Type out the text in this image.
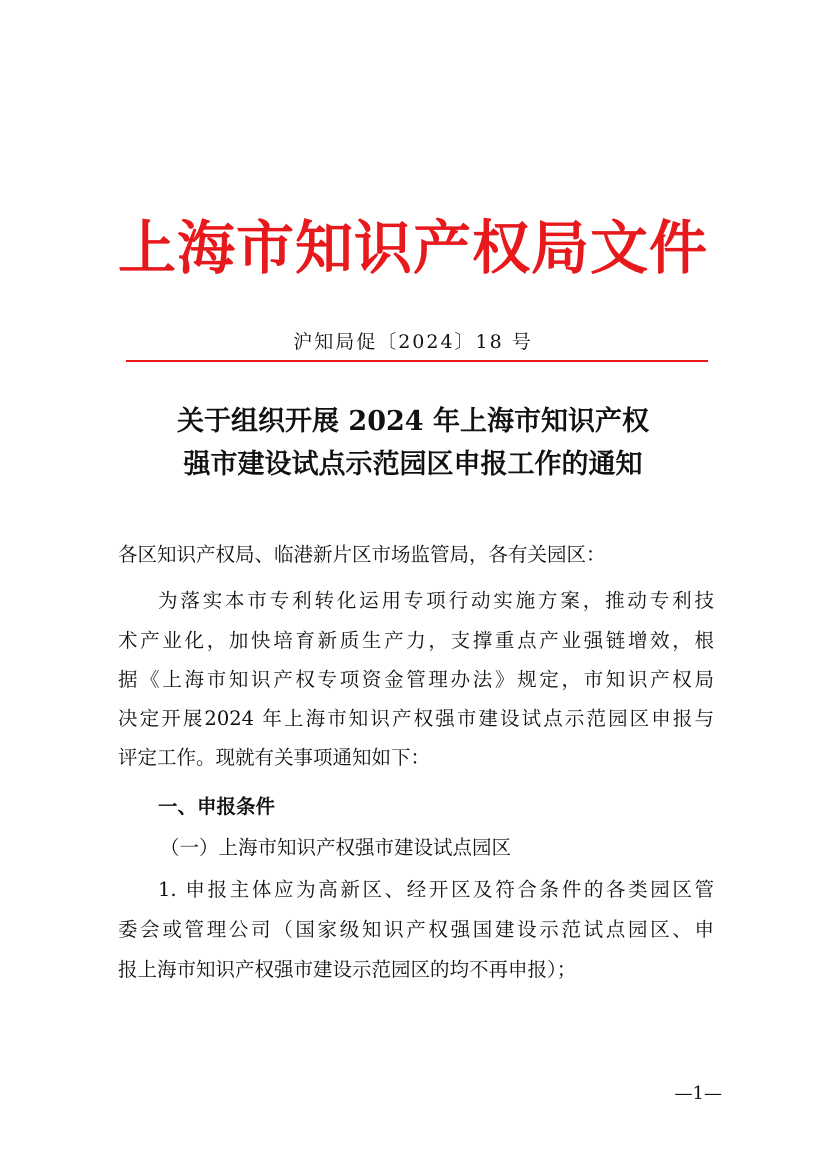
上海市知识产权局文件
沪知局促〔2024〕18 号
关于组织开展 2024 年上海市知识产权
强市建设试点示范园区申报工作的通知
各区知识产权局、临港新片区市场监管局，各有关园区：
为落实本市专利转化运用专项行动实施方案，推动专利技
术产业化，加快培育新质生产力，支撑重点产业强链增效，根
据《上海市知识产权专项资金管理办法》规定，市知识产权局
决定开展2024 年上海市知识产权强市建设试点示范园区申报与
评定工作。现就有关事项通知如下：
一、申报条件
（一）上海市知识产权强市建设试点园区
1. 申报主体应为高新区、经开区及符合条件的各类园区管
委会或管理公司（国家级知识产权强国建设示范试点园区、申
报上海市知识产权强市建设示范园区的均不再申报）；
—1—
